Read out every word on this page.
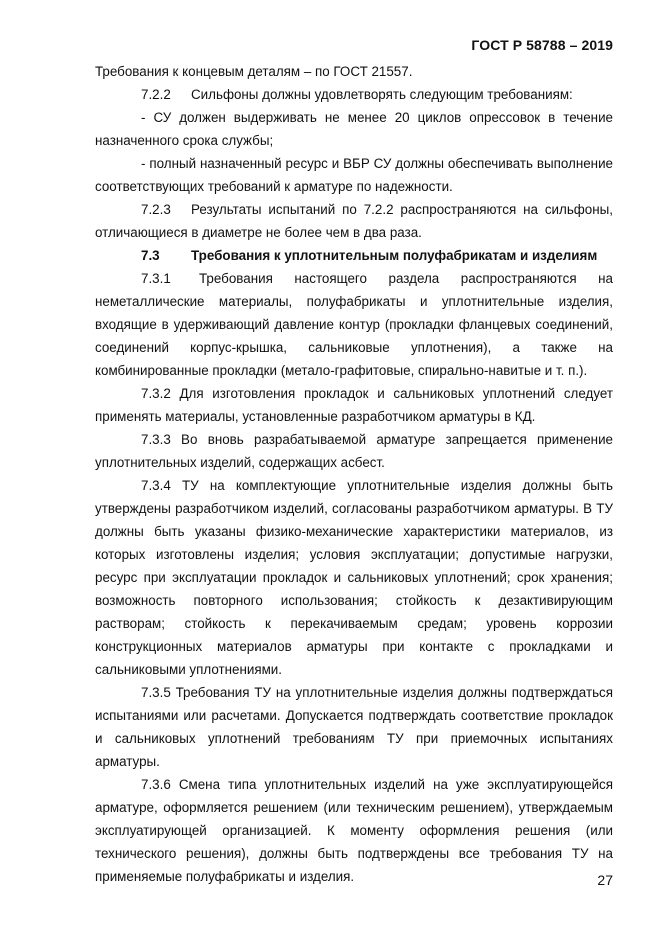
ГОСТ Р 58788 – 2019

Требования к концевым деталям – по ГОСТ 21557.

7.2.2 Сильфоны должны удовлетворять следующим требованиям:

- СУ должен выдерживать не менее 20 циклов опрессовок в течение назначенного срока службы;

- полный назначенный ресурс и ВБР СУ должны обеспечивать выполнение соответствующих требований к арматуре по надежности.

7.2.3 Результаты испытаний по 7.2.2 распространяются на сильфоны, отличающиеся в диаметре не более чем в два раза.

7.3 Требования к уплотнительным полуфабрикатам и изделиям

7.3.1 Требования настоящего раздела распространяются на неметаллические материалы, полуфабрикаты и уплотнительные изделия, входящие в удерживающий давление контур (прокладки фланцевых соединений, соединений корпус-крышка, сальниковые уплотнения), а также на комбинированные прокладки (метало-графитовые, спирально-навитые и т. п.).

7.3.2 Для изготовления прокладок и сальниковых уплотнений следует применять материалы, установленные разработчиком арматуры в КД.

7.3.3 Во вновь разрабатываемой арматуре запрещается применение уплотнительных изделий, содержащих асбест.

7.3.4 ТУ на комплектующие уплотнительные изделия должны быть утверждены разработчиком изделий, согласованы разработчиком арматуры. В ТУ должны быть указаны физико-механические характеристики материалов, из которых изготовлены изделия; условия эксплуатации; допустимые нагрузки, ресурс при эксплуатации прокладок и сальниковых уплотнений; срок хранения; возможность повторного использования; стойкость к дезактивирующим растворам; стойкость к перекачиваемым средам; уровень коррозии конструкционных материалов арматуры при контакте с прокладками и сальниковыми уплотнениями.

7.3.5 Требования ТУ на уплотнительные изделия должны подтверждаться испытаниями или расчетами. Допускается подтверждать соответствие прокладок и сальниковых уплотнений требованиям ТУ при приемочных испытаниях арматуры.

7.3.6 Смена типа уплотнительных изделий на уже эксплуатирующейся арматуре, оформляется решением (или техническим решением), утверждаемым эксплуатирующей организацией. К моменту оформления решения (или технического решения), должны быть подтверждены все требования ТУ на применяемые полуфабрикаты и изделия.	27
